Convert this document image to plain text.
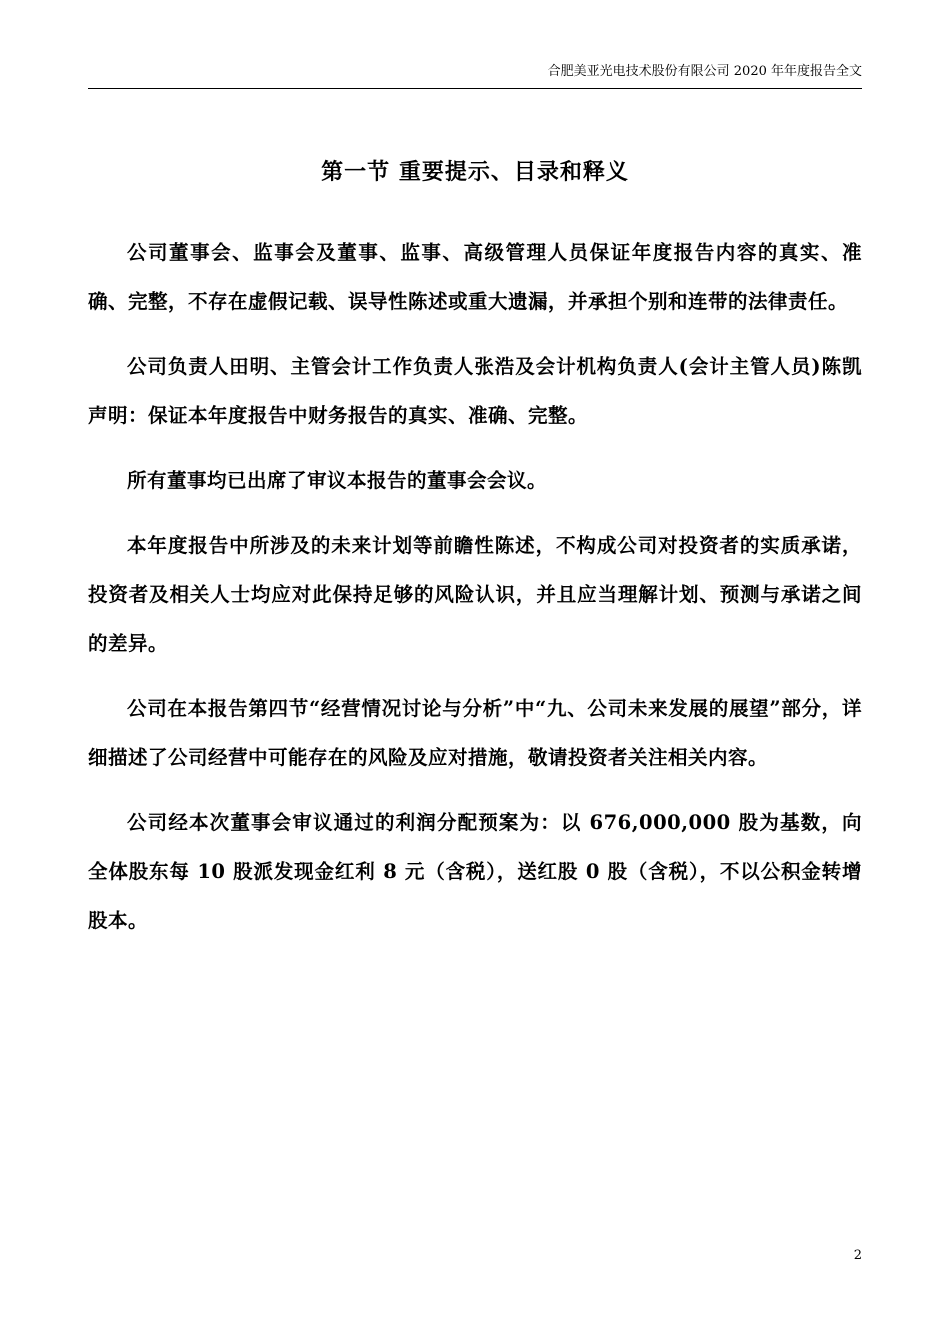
合肥美亚光电技术股份有限公司 2020 年年度报告全文
第一节 重要提示、目录和释义

公司董事会、监事会及董事、监事、高级管理人员保证年度报告内容的真实、准确、完整，不存在虚假记载、误导性陈述或重大遗漏，并承担个别和连带的法律责任。

公司负责人田明、主管会计工作负责人张浩及会计机构负责人(会计主管人员)陈凯声明：保证本年度报告中财务报告的真实、准确、完整。

所有董事均已出席了审议本报告的董事会会议。

本年度报告中所涉及的未来计划等前瞻性陈述，不构成公司对投资者的实质承诺，投资者及相关人士均应对此保持足够的风险认识，并且应当理解计划、预测与承诺之间的差异。

公司在本报告第四节“经营情况讨论与分析”中“九、公司未来发展的展望”部分，详细描述了公司经营中可能存在的风险及应对措施，敬请投资者关注相关内容。

公司经本次董事会审议通过的利润分配预案为：以 676,000,000 股为基数，向全体股东每 10 股派发现金红利 8 元（含税），送红股 0 股（含税），不以公积金转增股本。

2
